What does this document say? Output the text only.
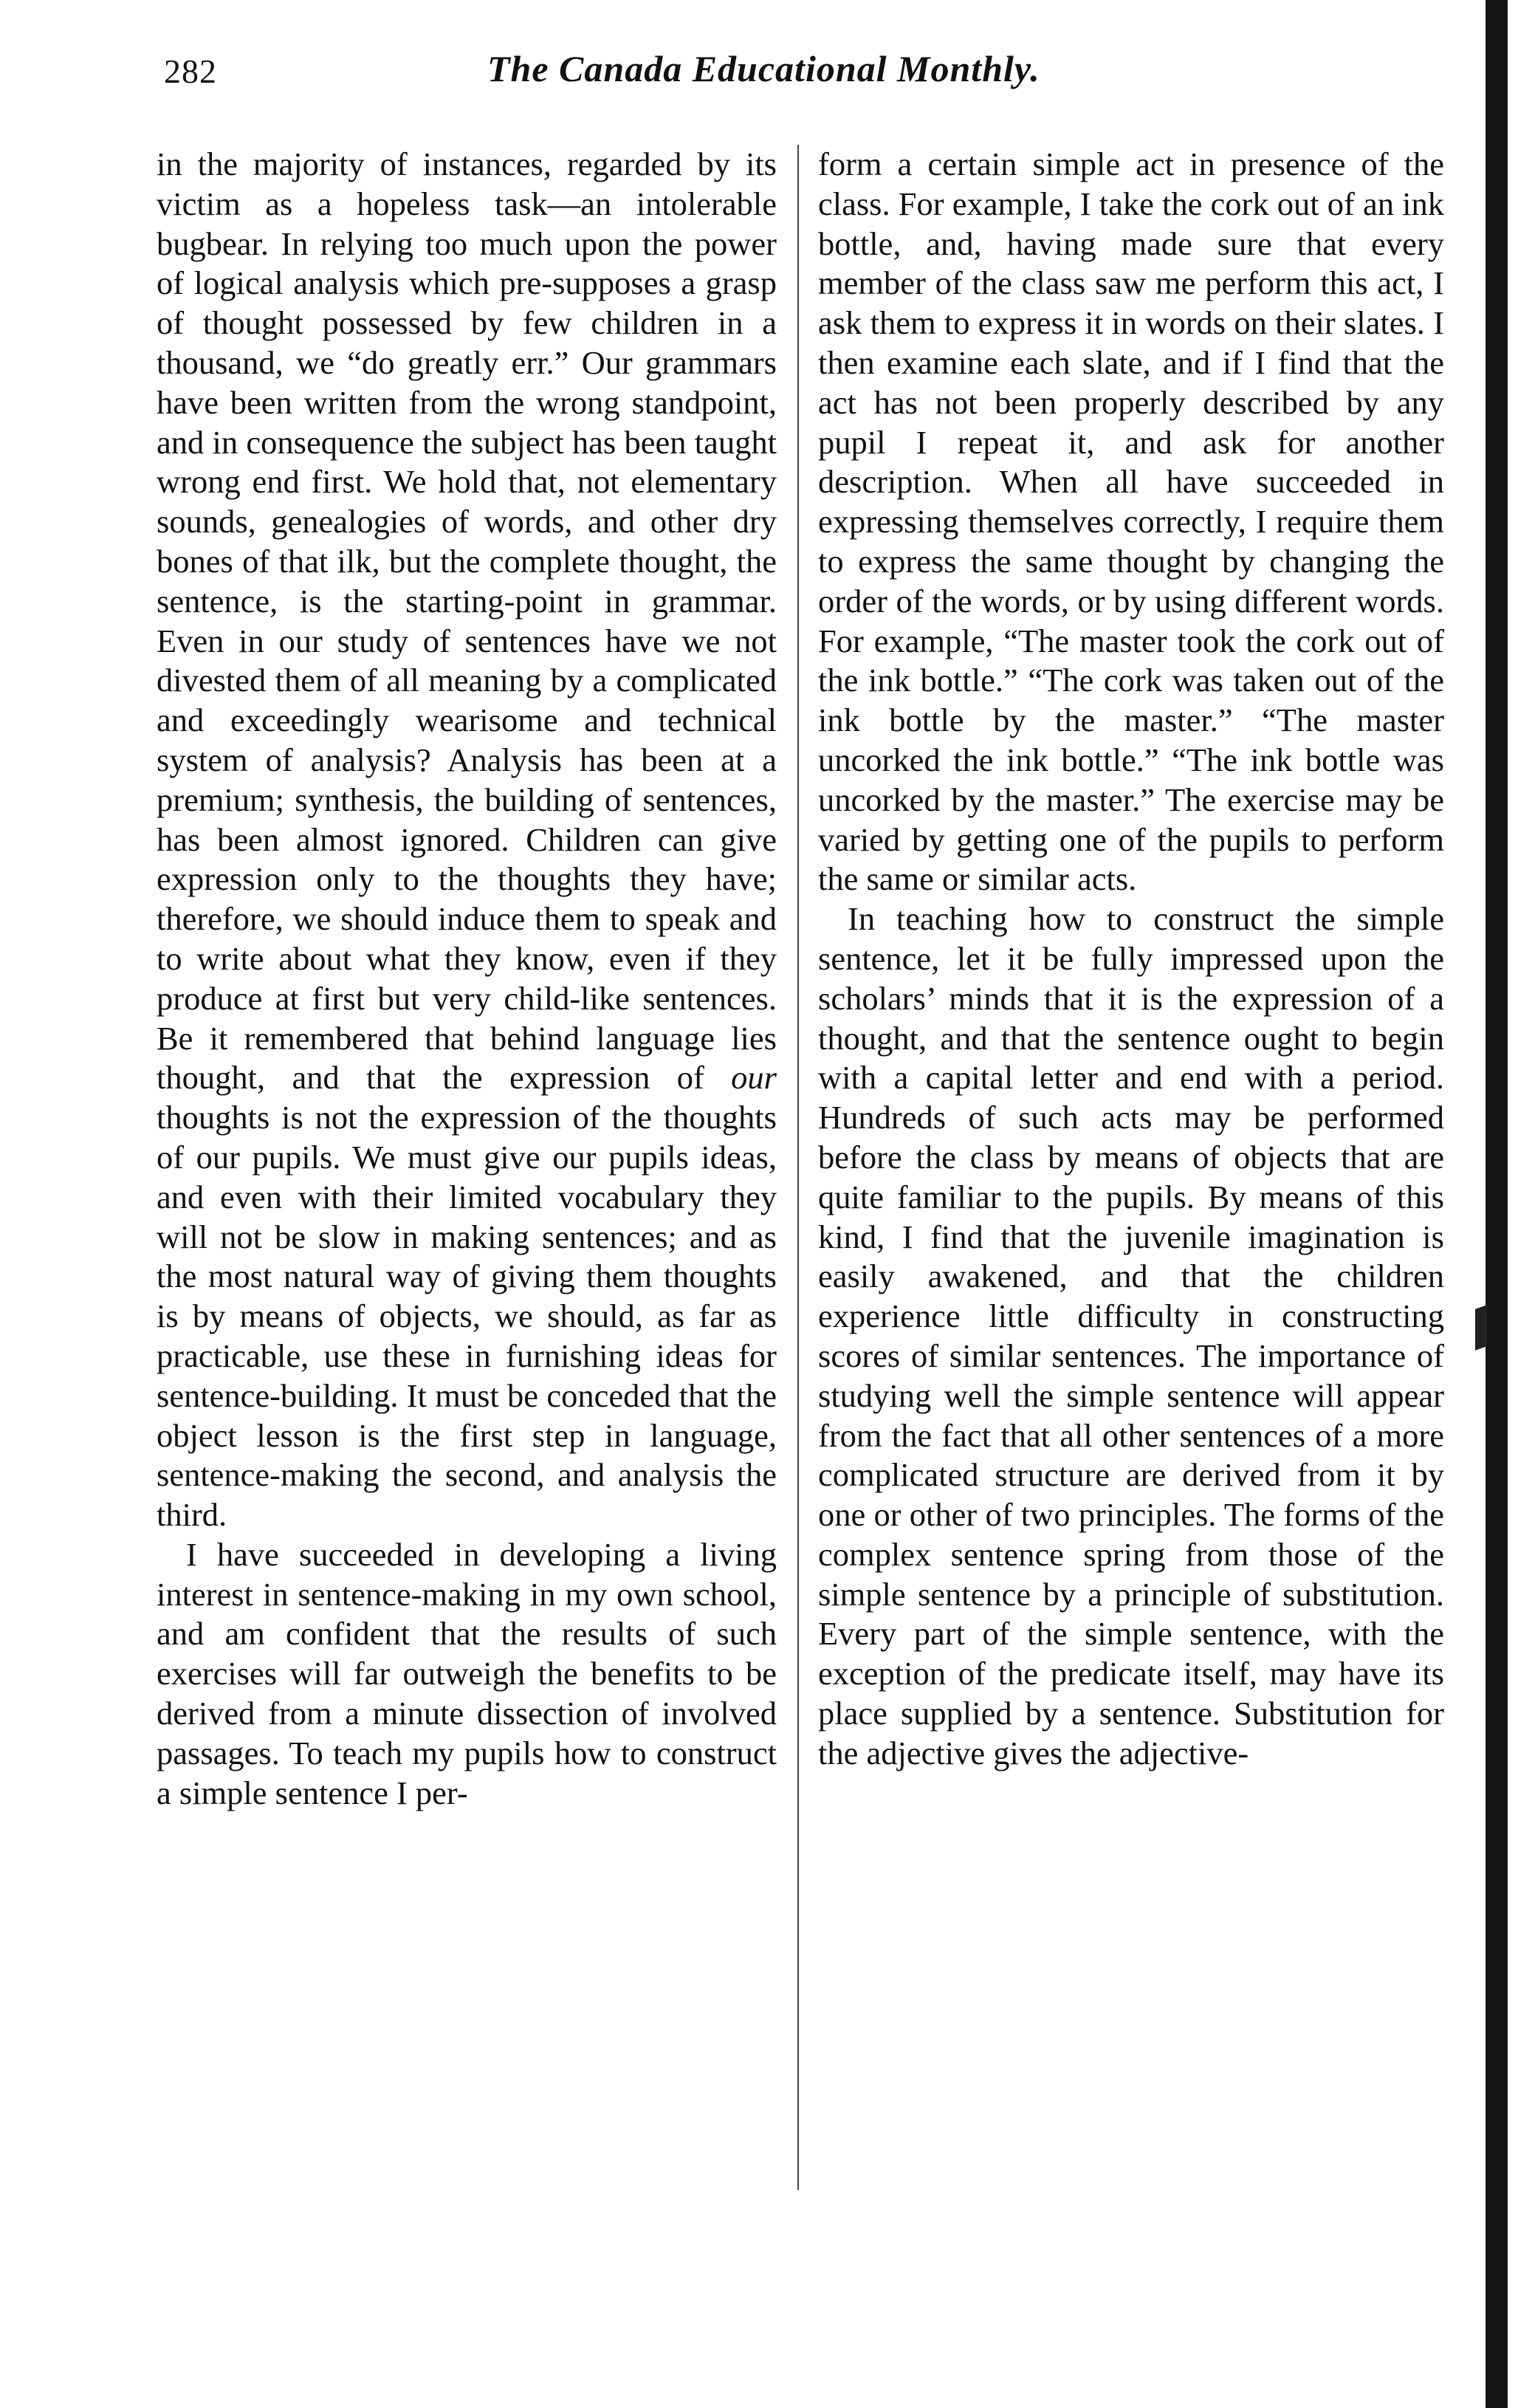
282	The Canada Educational Monthly.

in the majority of instances, regarded by its victim as a hopeless task—an intolerable bugbear. In relying too much upon the power of logical analysis which pre-supposes a grasp of thought possessed by few children in a thousand, we “do greatly err.” Our grammars have been written from the wrong standpoint, and in consequence the subject has been taught wrong end first. We hold that, not elementary sounds, genealogies of words, and other dry bones of that ilk, but the complete thought, the sentence, is the starting-point in grammar. Even in our study of sentences have we not divested them of all meaning by a complicated and exceedingly wearisome and technical system of analysis? Analysis has been at a premium; synthesis, the building of sentences, has been almost ignored. Children can give expression only to the thoughts they have; therefore, we should induce them to speak and to write about what they know, even if they produce at first but very child-like sentences. Be it remembered that behind language lies thought, and that the expression of our thoughts is not the expression of the thoughts of our pupils. We must give our pupils ideas, and even with their limited vocabulary they will not be slow in making sentences; and as the most natural way of giving them thoughts is by means of objects, we should, as far as practicable, use these in furnishing ideas for sentence-building. It must be conceded that the object lesson is the first step in language, sentence-making the second, and analysis the third.

I have succeeded in developing a living interest in sentence-making in my own school, and am confident that the results of such exercises will far outweigh the benefits to be derived from a minute dissection of involved passages. To teach my pupils how to construct a simple sentence I per-

form a certain simple act in presence of the class. For example, I take the cork out of an ink bottle, and, having made sure that every member of the class saw me perform this act, I ask them to express it in words on their slates. I then examine each slate, and if I find that the act has not been properly described by any pupil I repeat it, and ask for another description. When all have succeeded in expressing themselves correctly, I require them to express the same thought by changing the order of the words, or by using different words. For example, “The master took the cork out of the ink bottle.” “The cork was taken out of the ink bottle by the master.” “The master uncorked the ink bottle.” “The ink bottle was uncorked by the master.” The exercise may be varied by getting one of the pupils to perform the same or similar acts.

In teaching how to construct the simple sentence, let it be fully impressed upon the scholars’ minds that it is the expression of a thought, and that the sentence ought to begin with a capital letter and end with a period. Hundreds of such acts may be performed before the class by means of objects that are quite familiar to the pupils. By means of this kind, I find that the juvenile imagination is easily awakened, and that the children experience little difficulty in constructing scores of similar sentences. The importance of studying well the simple sentence will appear from the fact that all other sentences of a more complicated structure are derived from it by one or other of two principles. The forms of the complex sentence spring from those of the simple sentence by a principle of substitution. Every part of the simple sentence, with the exception of the predicate itself, may have its place supplied by a sentence. Substitution for the adjective gives the adjective-
